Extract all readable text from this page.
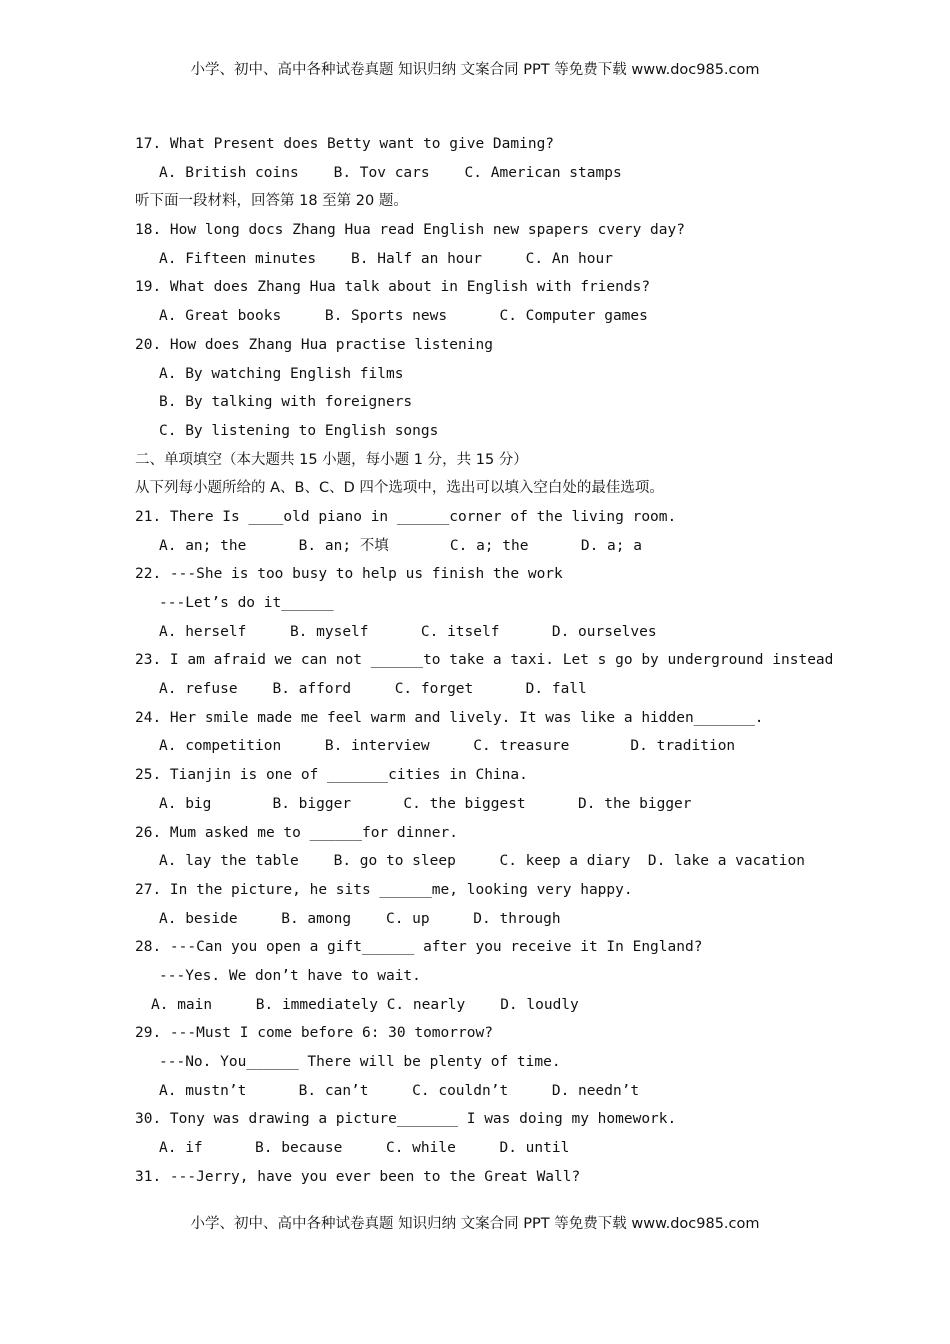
小学、初中、高中各种试卷真题 知识归纳 文案合同 PPT 等免费下载 www.doc985.com
17. What Present does Betty want to give Daming?
A. British coins    B. Tov cars    C. American stamps
听下面一段材料，回答第 18 至第 20 题。
18. How long docs Zhang Hua read English new spapers cvery day?
A. Fifteen minutes    B. Half an hour     C. An hour
19. What does Zhang Hua talk about in English with friends?
A. Great books     B. Sports news      C. Computer games
20. How does Zhang Hua practise listening
A. By watching English films
B. By talking with foreigners
C. By listening to English songs
二、单项填空（本大题共 15 小题，每小题 1 分，共 15 分）
从下列每小题所给的 A、B、C、D 四个选项中，选出可以填入空白处的最佳选项。
21. There Is ____old piano in ______corner of the living room.
A. an; the      B. an; 不填       C. a; the      D. a; a
22. ---She is too busy to help us finish the work
---Let’s do it______
A. herself     B. myself      C. itself      D. ourselves
23. I am afraid we can not ______to take a taxi. Let s go by underground instead
A. refuse    B. afford     C. forget      D. fall
24. Her smile made me feel warm and lively. It was like a hidden_______.
A. competition     B. interview     C. treasure       D. tradition
25. Tianjin is one of _______cities in China.
A. big       B. bigger      C. the biggest      D. the bigger
26. Mum asked me to ______for dinner.
A. lay the table    B. go to sleep     C. keep a diary  D. lake a vacation
27. In the picture, he sits ______me, looking very happy.
A. beside     B. among    C. up     D. through
28. ---Can you open a gift______ after you receive it In England?
---Yes. We don’t have to wait.
A. main     B. immediately C. nearly    D. loudly
29. ---Must I come before 6: 30 tomorrow?
---No. You______ There will be plenty of time.
A. mustn’t      B. can’t     C. couldn’t     D. needn’t
30. Tony was drawing a picture_______ I was doing my homework.
A. if      B. because     C. while     D. until
31. ---Jerry, have you ever been to the Great Wall?
小学、初中、高中各种试卷真题 知识归纳 文案合同 PPT 等免费下载 www.doc985.com
